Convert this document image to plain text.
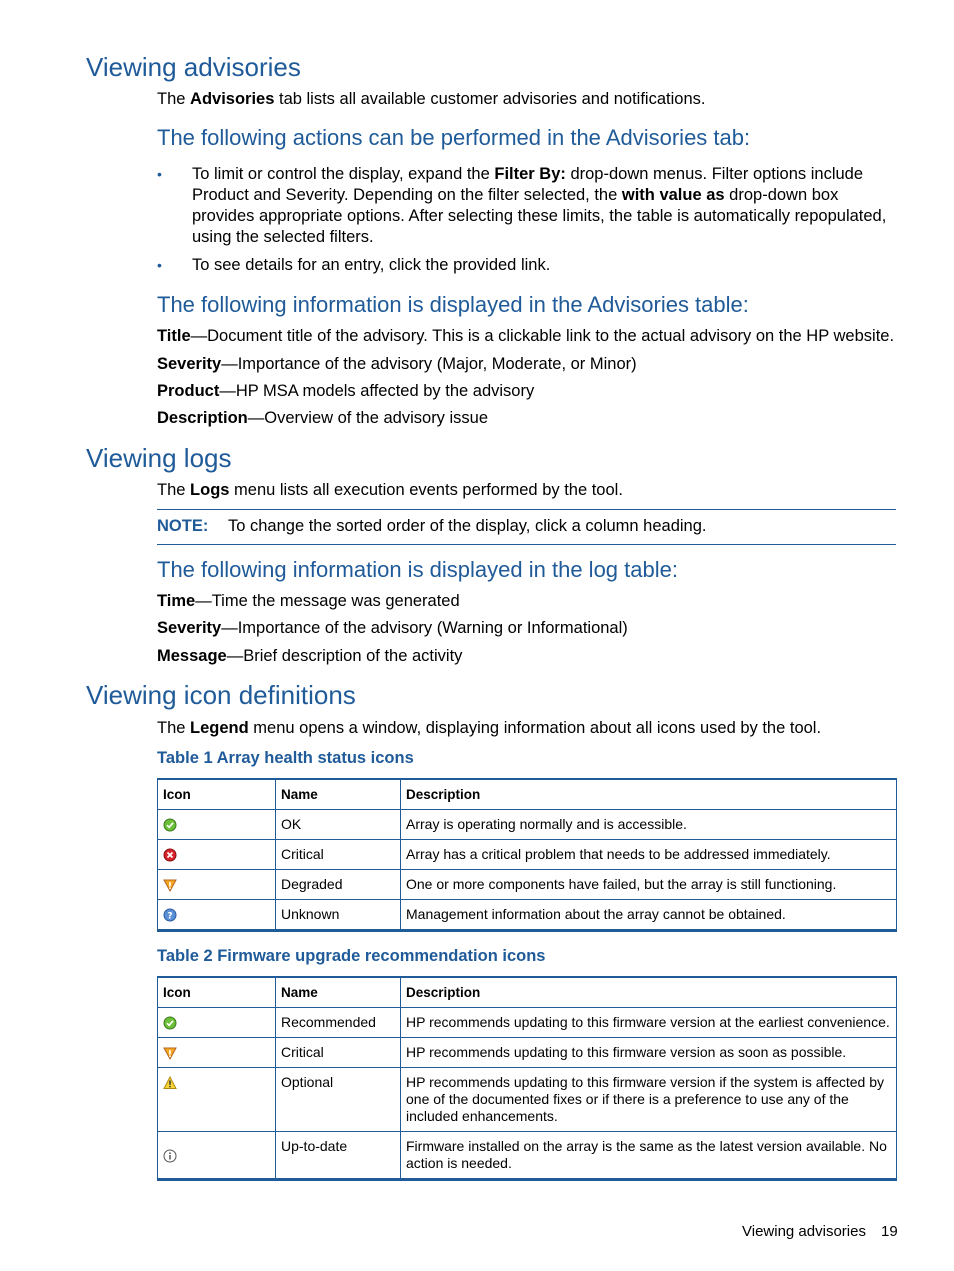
Viewing advisories

The Advisories tab lists all available customer advisories and notifications.

The following actions can be performed in the Advisories tab:
• To limit or control the display, expand the Filter By: drop-down menus. Filter options include Product and Severity. Depending on the filter selected, the with value as drop-down box provides appropriate options. After selecting these limits, the table is automatically repopulated, using the selected filters.
• To see details for an entry, click the provided link.
The following information is displayed in the Advisories table:

Title—Document title of the advisory. This is a clickable link to the actual advisory on the HP website.

Severity—Importance of the advisory (Major, Moderate, or Minor)

Product—HP MSA models affected by the advisory

Description—Overview of the advisory issue

Viewing logs

The Logs menu lists all execution events performed by the tool.

NOTE: To change the sorted order of the display, click a column heading.
The following information is displayed in the log table:

Time—Time the message was generated

Severity—Importance of the advisory (Warning or Informational)

Message—Brief description of the activity

Viewing icon definitions

The Legend menu opens a window, displaying information about all icons used by the tool.

Table 1 Array health status icons
Icon	Name	Description
	OK	Array is operating normally and is accessible.
	Critical	Array has a critical problem that needs to be addressed immediately.
	Degraded	One or more components have failed, but the array is still functioning.

?	Unknown	Management information about the array cannot be obtained.
Table 2 Firmware upgrade recommendation icons
Icon	Name	Description
	Recommended	HP recommends updating to this firmware version at the earliest convenience.
	Critical	HP recommends updating to this firmware version as soon as possible.
	Optional	HP recommends updating to this firmware version if the system is affected by one of the documented fixes or if there is a preference to use any of the included enhancements.
	Up-to-date	Firmware installed on the array is the same as the latest version available. No action is needed.
Viewing advisories 19
